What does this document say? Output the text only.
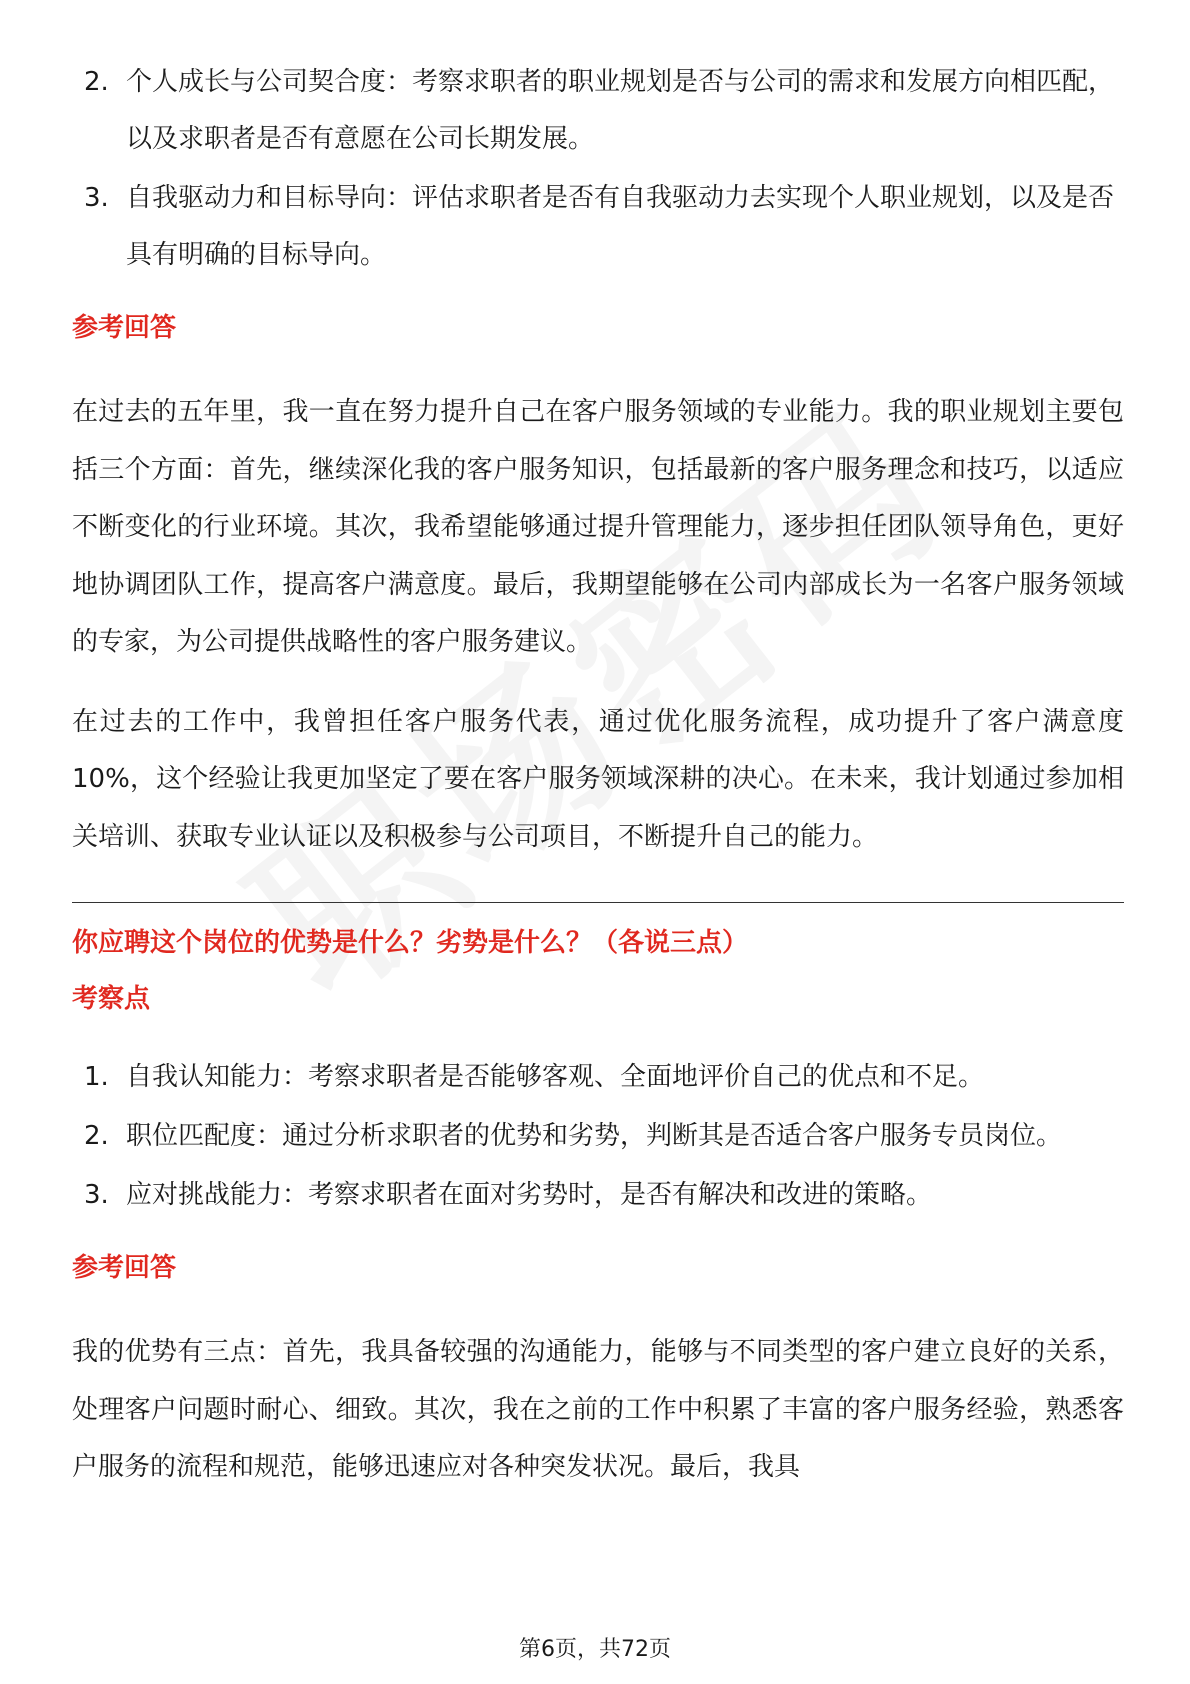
2. 个人成长与公司契合度：考察求职者的职业规划是否与公司的需求和发展方向相匹配，以及求职者是否有意愿在公司长期发展。
3. 自我驱动力和目标导向：评估求职者是否有自我驱动力去实现个人职业规划，以及是否具有明确的目标导向。
参考回答

在过去的五年里，我一直在努力提升自己在客户服务领域的专业能力。我的职业规划主要包括三个方面：首先，继续深化我的客户服务知识，包括最新的客户服务理念和技巧，以适应不断变化的行业环境。其次，我希望能够通过提升管理能力，逐步担任团队领导角色，更好地协调团队工作，提高客户满意度。最后，我期望能够在公司内部成长为一名客户服务领域的专家，为公司提供战略性的客户服务建议。

在过去的工作中，我曾担任客户服务代表，通过优化服务流程，成功提升了客户满意度10%，这个经验让我更加坚定了要在客户服务领域深耕的决心。在未来，我计划通过参加相关培训、获取专业认证以及积极参与公司项目，不断提升自己的能力。

你应聘这个岗位的优势是什么？劣势是什么？（各说三点）
考察点
1. 自我认知能力：考察求职者是否能够客观、全面地评价自己的优点和不足。
2. 职位匹配度：通过分析求职者的优势和劣势，判断其是否适合客户服务专员岗位。
3. 应对挑战能力：考察求职者在面对劣势时，是否有解决和改进的策略。
参考回答

我的优势有三点：首先，我具备较强的沟通能力，能够与不同类型的客户建立良好的关系，处理客户问题时耐心、细致。其次，我在之前的工作中积累了丰富的客户服务经验，熟悉客户服务的流程和规范，能够迅速应对各种突发状况。最后，我具

第6页，共72页
